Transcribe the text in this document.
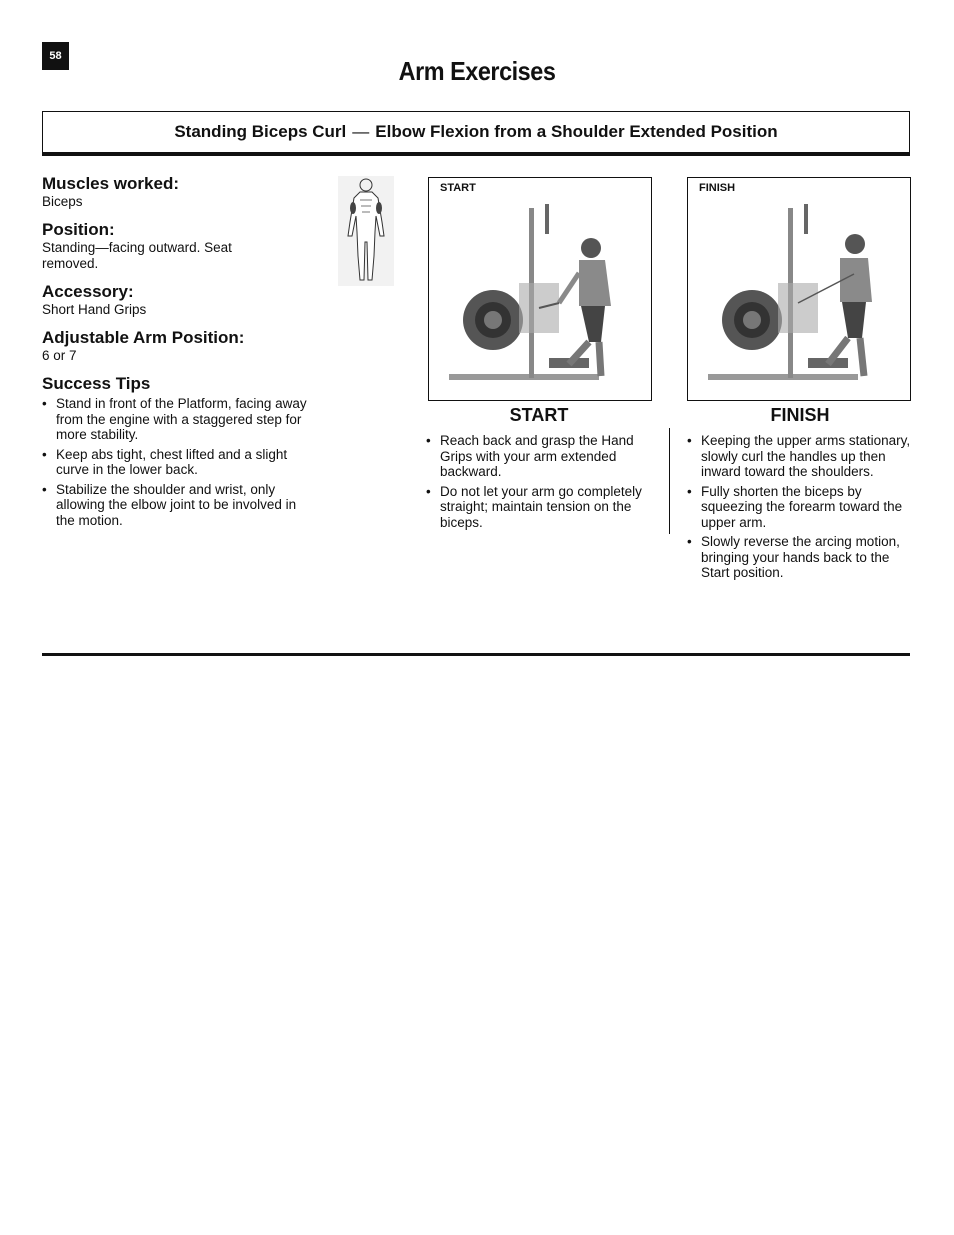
58	Arm Exercises
Standing Biceps Curl — Elbow Flexion from a Shoulder Extended Position

Muscles worked:

Biceps

Position:

Standing—facing outward. Seat removed.

Accessory:

Short Hand Grips

Adjustable Arm Position:

6 or 7

Success Tips

• Stand in front of the Platform, facing away from the engine with a staggered step for more stability.
• Keep abs tight, chest lifted and a slight curve in the lower back.
• Stabilize the shoulder and wrist, only allowing the elbow joint to be involved in the motion.
START	FINISH
START	FINISH
• Reach back and grasp the Hand Grips with your arm extended backward.
• Do not let your arm go completely straight; maintain tension on the biceps.
• Keeping the upper arms stationary, slowly curl the handles up then inward toward the shoulders.
• Fully shorten the biceps by squeezing the forearm toward the upper arm.
• Slowly reverse the arcing motion, bringing your hands back to the Start position.
